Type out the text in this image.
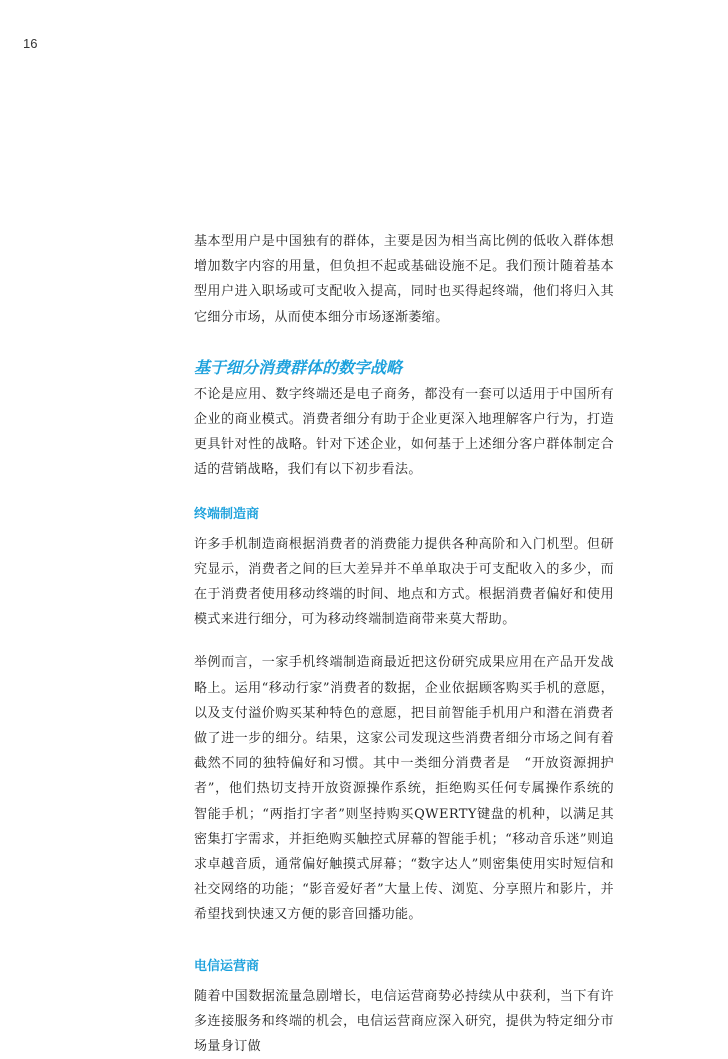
16

基本型用户是中国独有的群体，主要是因为相当高比例的低收入群体想增加数字内容的用量，但负担不起或基础设施不足。我们预计随着基本型用户进入职场或可支配收入提高，同时也买得起终端，他们将归入其它细分市场，从而使本细分市场逐渐萎缩。

基于细分消费群体的数字战略

不论是应用、数字终端还是电子商务，都没有一套可以适用于中国所有企业的商业模式。消费者细分有助于企业更深入地理解客户行为，打造更具针对性的战略。针对下述企业，如何基于上述细分客户群体制定合适的营销战略，我们有以下初步看法。

终端制造商

许多手机制造商根据消费者的消费能力提供各种高阶和入门机型。但研究显示，消费者之间的巨大差异并不单单取决于可支配收入的多少，而在于消费者使用移动终端的时间、地点和方式。根据消费者偏好和使用模式来进行细分，可为移动终端制造商带来莫大帮助。

举例而言，一家手机终端制造商最近把这份研究成果应用在产品开发战略上。运用“移动行家”消费者的数据，企业依据顾客购买手机的意愿，以及支付溢价购买某种特色的意愿，把目前智能手机用户和潜在消费者做了进一步的细分。结果，这家公司发现这些消费者细分市场之间有着截然不同的独特偏好和习惯。其中一类细分消费者是　“开放资源拥护者”，他们热切支持开放资源操作系统，拒绝购买任何专属操作系统的智能手机；“两指打字者”则坚持购买QWERTY键盘的机种，以满足其密集打字需求，并拒绝购买触控式屏幕的智能手机；“移动音乐迷”则追求卓越音质，通常偏好触摸式屏幕；“数字达人”则密集使用实时短信和社交网络的功能；“影音爱好者”大量上传、浏览、分享照片和影片，并希望找到快速又方便的影音回播功能。

电信运营商

随着中国数据流量急剧增长，电信运营商势必持续从中获利，当下有许多连接服务和终端的机会，电信运营商应深入研究，提供为特定细分市场量身订做
